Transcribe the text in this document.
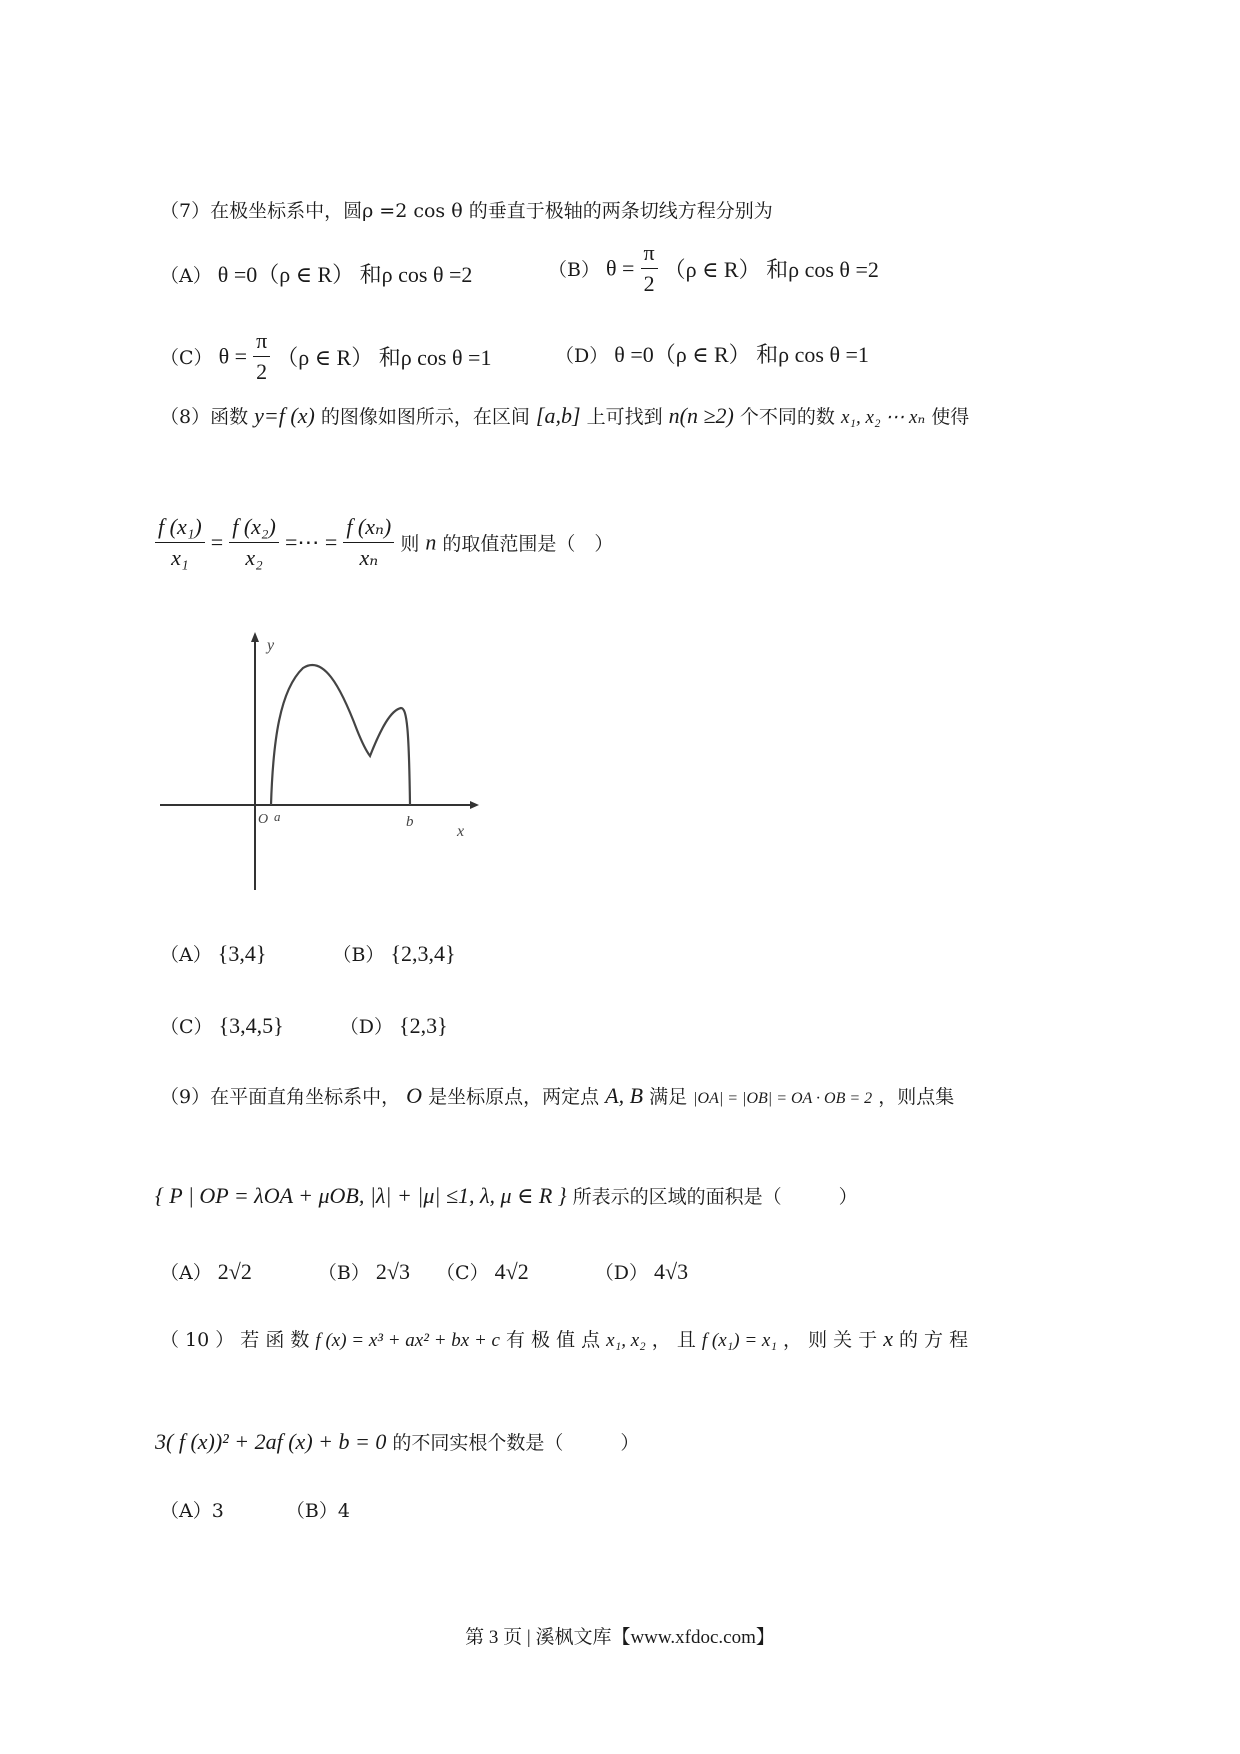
（7）在极坐标系中，圆ρ =2 cos θ 的垂直于极轴的两条切线方程分别为
（A） θ =0（ρ ∈ R） 和ρ cos θ =2	（B） $\theta = \frac{\pi}{2} (\rho$ ∈ R） 和ρ cos θ =2
（C） $\theta = \frac{\pi}{2} (\rho$ ∈ R） 和ρ cos θ =1	（D） θ =0（ρ ∈ R） 和ρ cos θ =1
（8）函数 y=f (x) 的图像如图所示，在区间 [a,b] 上可找到 n(n ≥2) 个不同的数 x₁, x₂ ⋯ xₙ 使得
$\frac{\text{f (x₁)}}{\text{x₁}} = \frac{\text{f (x₂)}}{\text{x₂}}$ =⋯ = $\frac{\text{f (xₙ)}}{\text{xₙ}}$ 则 n 的取值范围是（　）
y
x
O a	b
（A） {3,4}	（B） {2,3,4}
（C） {3,4,5}	（D） {2,3}
（9）在平面直角坐标系中， O 是坐标原点，两定点 A, B 满足 |OA| = |OB| = OA · OB = 2 ，则点集
{ P | OP = λOA + μOB, |λ| + |μ| ≤1, λ, μ ∈ R } 所表示的区域的面积是（　　　）
（A） 2√2	（B） 2√3 （C） 4√2	（D） 4√3
（ 10 ） 若 函 数 f (x) = x³ + ax² + bx + c 有 极 值 点 x₁, x₂ ， 且 f (x₁) = x₁ ， 则 关 于 x 的 方 程
3( f (x))² + 2af (x) + b = 0 的不同实根个数是（　　　）
（A）3	（B）4
第 3 页 | 溪枫文库【www.xfdoc.com】
